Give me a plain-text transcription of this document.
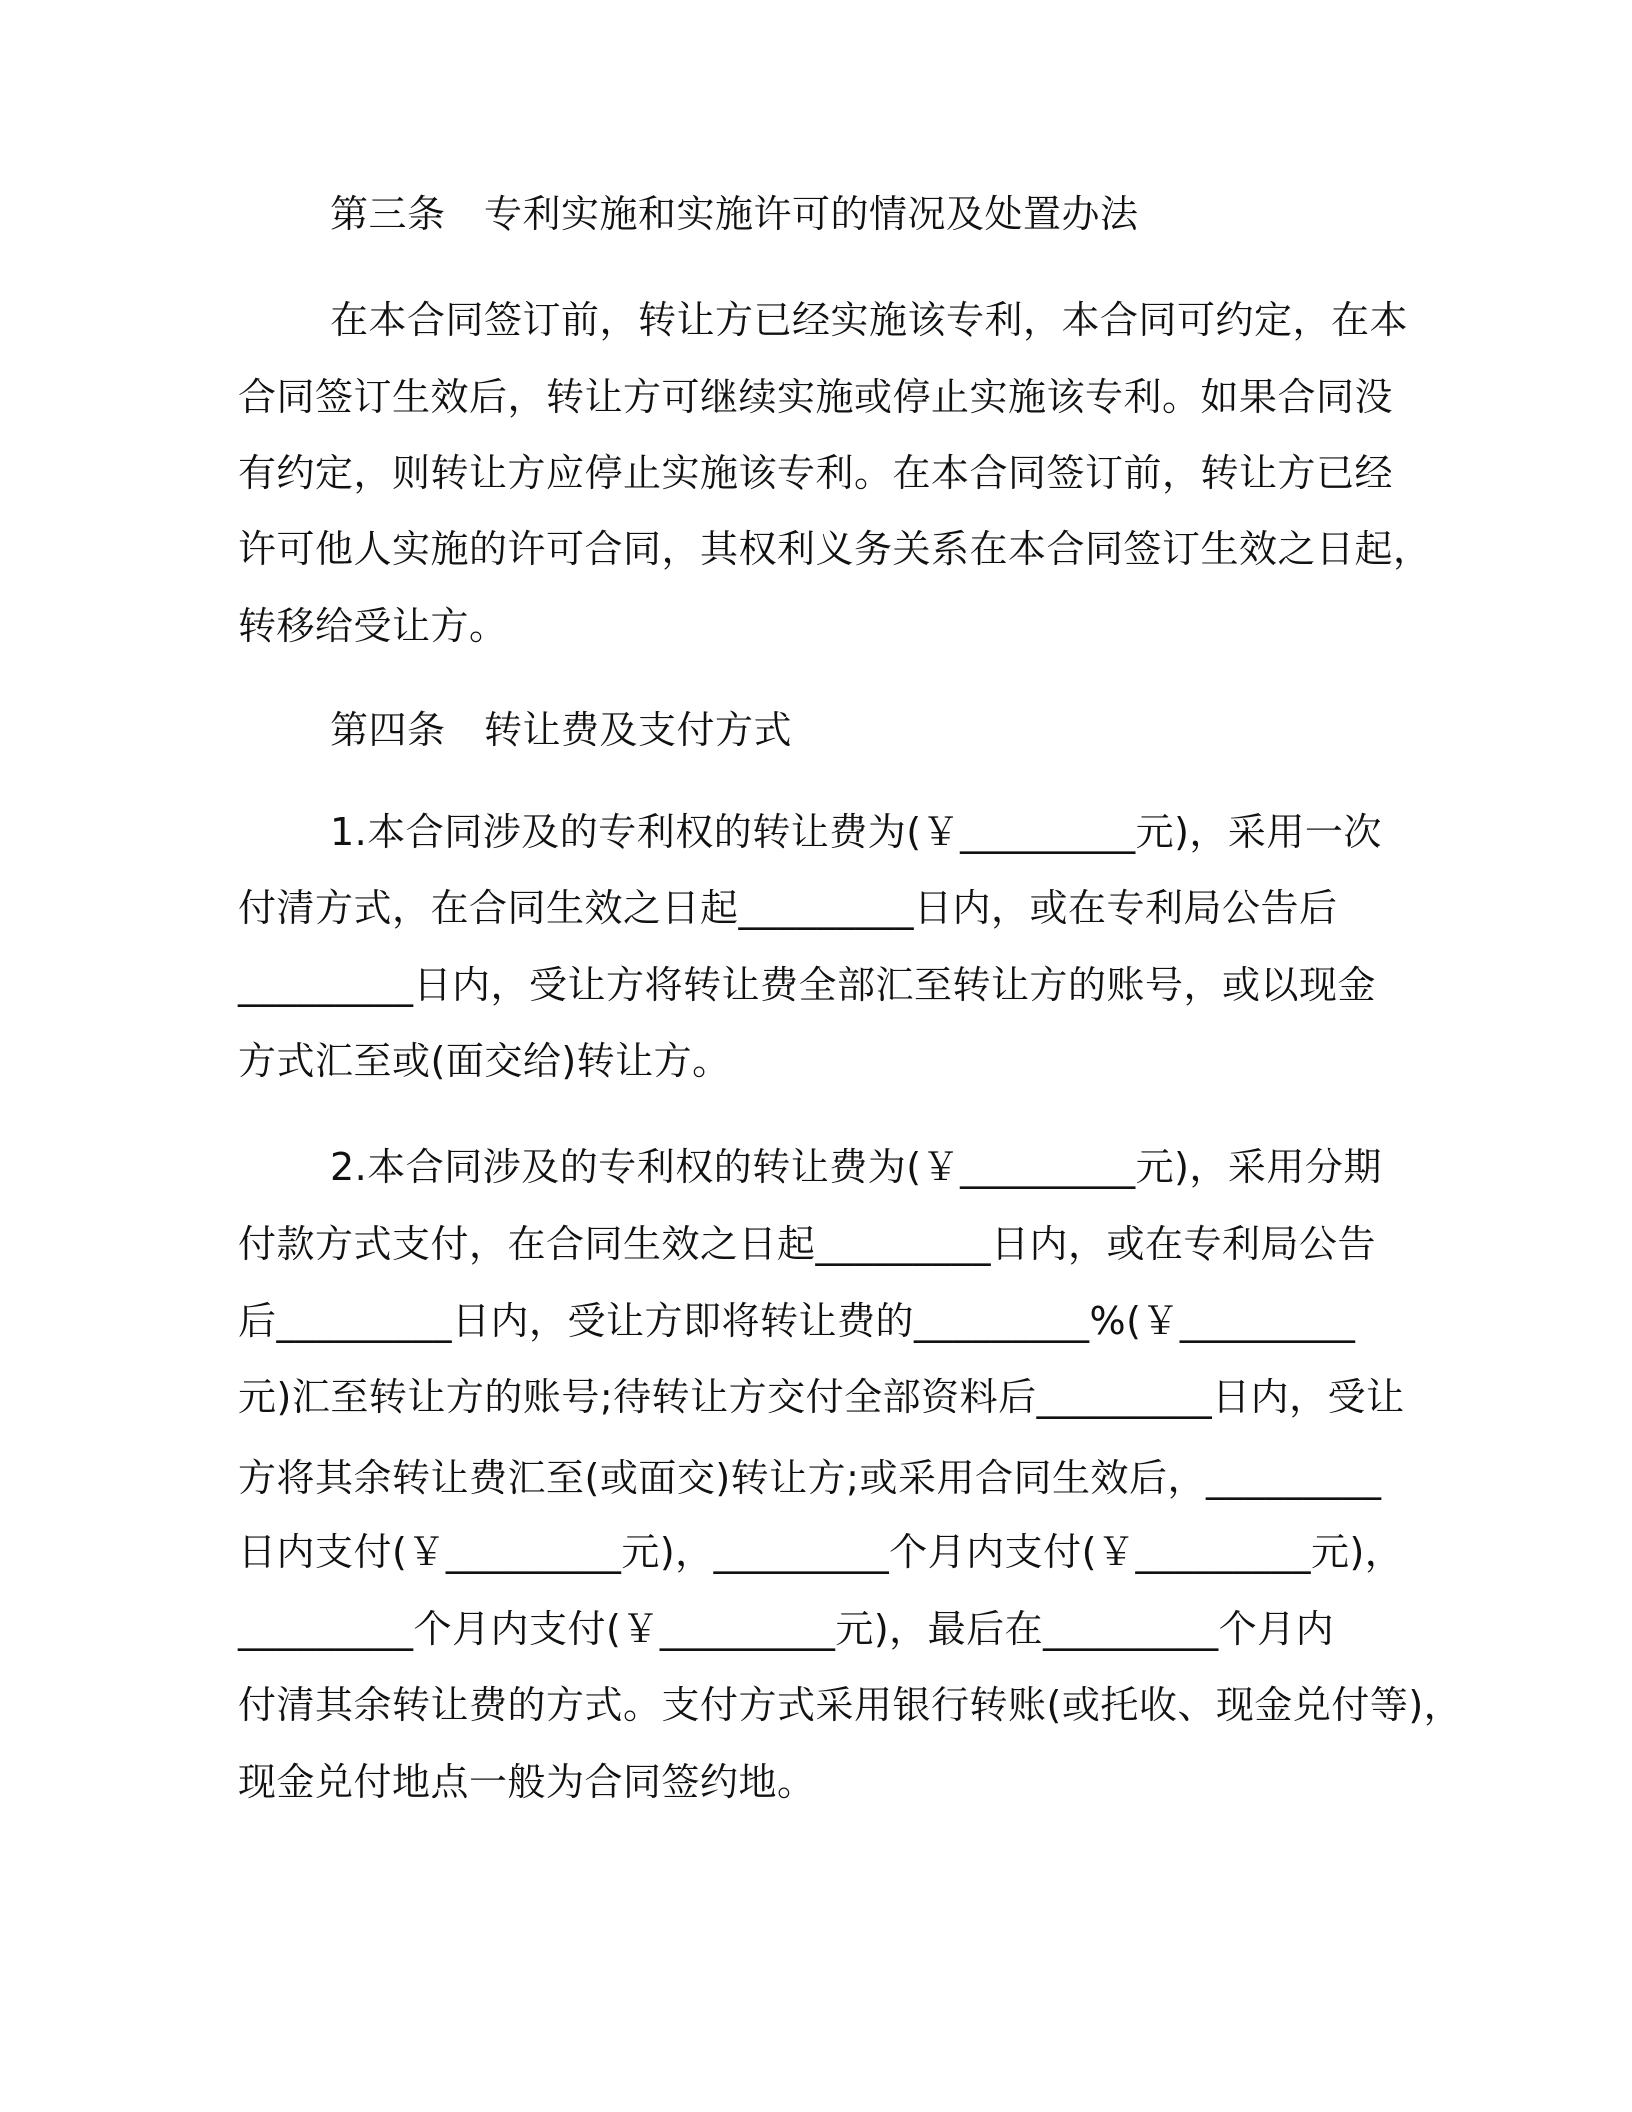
第三条　专利实施和实施许可的情况及处置办法
在本合同签订前，转让方已经实施该专利，本合同可约定，在本
合同签订生效后，转让方可继续实施或停止实施该专利。如果合同没
有约定，则转让方应停止实施该专利。在本合同签订前，转让方已经
许可他人实施的许可合同，其权利义务关系在本合同签订生效之日起，
转移给受让方。
第四条　转让费及支付方式
1.本合同涉及的专利权的转让费为(￥_________元)，采用一次
付清方式，在合同生效之日起_________日内，或在专利局公告后
_________日内，受让方将转让费全部汇至转让方的账号，或以现金
方式汇至或(面交给)转让方。
2.本合同涉及的专利权的转让费为(￥_________元)，采用分期
付款方式支付，在合同生效之日起_________日内，或在专利局公告
后_________日内，受让方即将转让费的_________%(￥_________
元)汇至转让方的账号;待转让方交付全部资料后_________日内，受让
方将其余转让费汇至(或面交)转让方;或采用合同生效后，_________
日内支付(￥_________元)，_________个月内支付(￥_________元)，
_________个月内支付(￥_________元)，最后在_________个月内
付清其余转让费的方式。支付方式采用银行转账(或托收、现金兑付等)，
现金兑付地点一般为合同签约地。
